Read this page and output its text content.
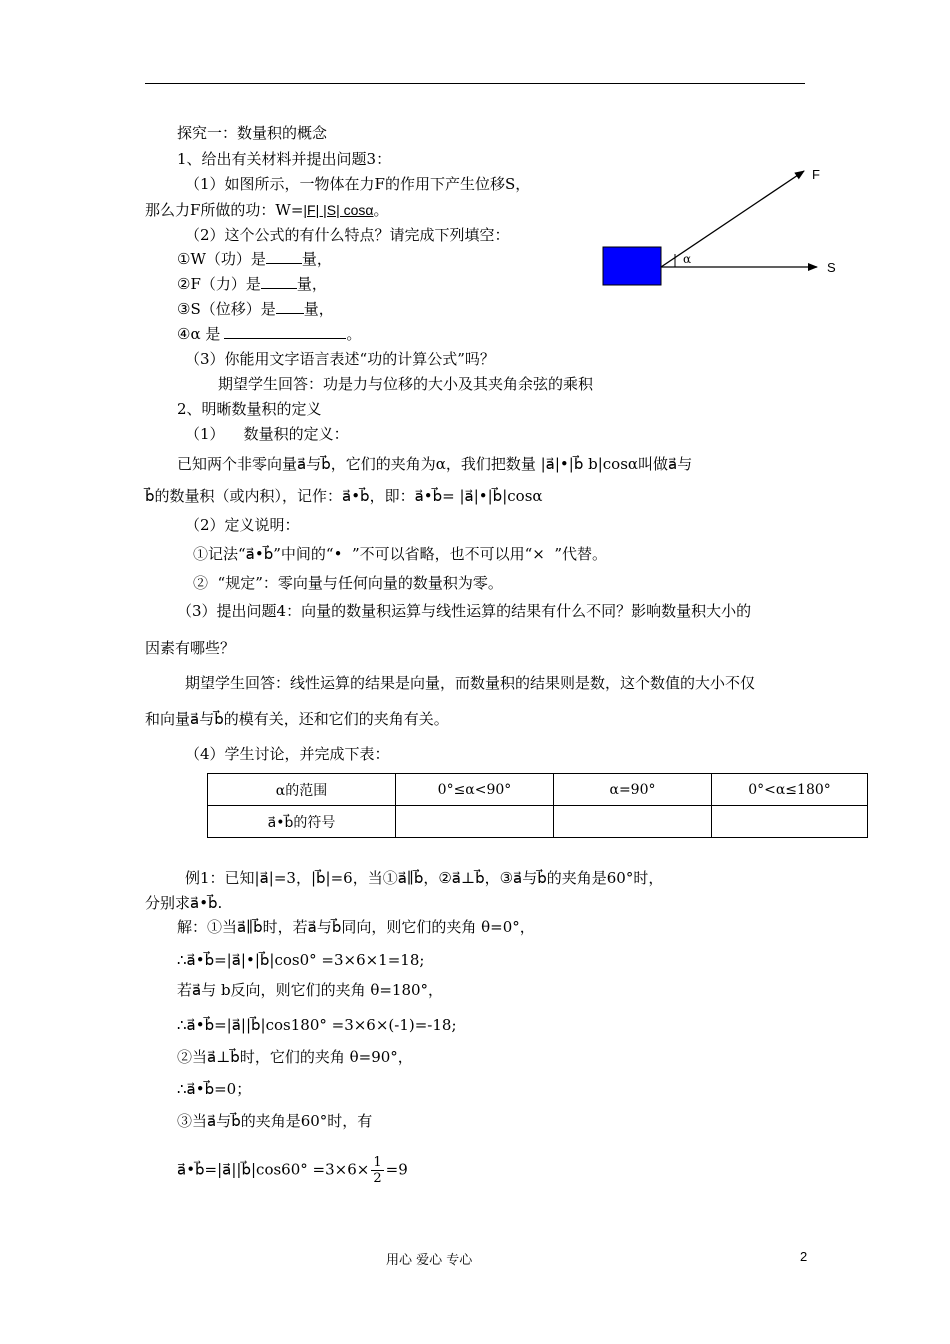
探究一：数量积的概念
1、给出有关材料并提出问题3：
（1）如图所示，一物体在力F的作用下产生位移S，
那么力F所做的功：W=|F| |S| cosα。
（2）这个公式的有什么特点？请完成下列填空：
①W（功）是 量，
②F（力）是 量，
③S（位移）是 量，
④α 是	。
（3）你能用文字语言表述“功的计算公式”吗？
期望学生回答：功是力与位移的大小及其夹角余弦的乘积
2、明晰数量积的定义
（1）    数量积的定义：
已知两个非零向量a⃗与b⃗，它们的夹角为α，我们把数量 |a⃗|•|b⃗ b|cosα叫做a⃗与
b⃗的数量积（或内积），记作：a⃗•b⃗，即：a⃗•b⃗= |a⃗|•|b⃗|cosα
（2）定义说明：
①记法“a⃗•b⃗”中间的“•  ”不可以省略，也不可以用“×  ”代替。
②  “规定”：零向量与任何向量的数量积为零。
（3）提出问题4：向量的数量积运算与线性运算的结果有什么不同？影响数量积大小的
因素有哪些？
期望学生回答：线性运算的结果是向量，而数量积的结果则是数，这个数值的大小不仅
和向量a⃗与b⃗的模有关，还和它们的夹角有关。
（4）学生讨论，并完成下表：
α的范围	0°≤α<90°	α=90°	0°<α≤180°
a⃗•b⃗的符号			
例1：已知|a⃗|=3，|b⃗|=6，当①a⃗∥b⃗，②a⃗⊥b⃗，③a⃗与b⃗的夹角是60°时，
分别求a⃗•b⃗.
解：①当a⃗∥b⃗时，若a⃗与b⃗同向，则它们的夹角 θ=0°，
∴a⃗•b⃗=|a⃗|•|b⃗|cos0° =3×6×1=18;
若a⃗与 b反向，则它们的夹角 θ=180°，
∴a⃗•b⃗=|a⃗||b⃗|cos180° =3×6×(-1)=-18;
②当a⃗⊥b⃗时，它们的夹角 θ=90°，
∴a⃗•b⃗=0；
③当a⃗与b⃗的夹角是60°时，有
a⃗•b⃗=|a⃗||b⃗|cos60° $=3\times 6\times \frac{1}{2} =9$
α
F
S
用心 爱心 专心	2
